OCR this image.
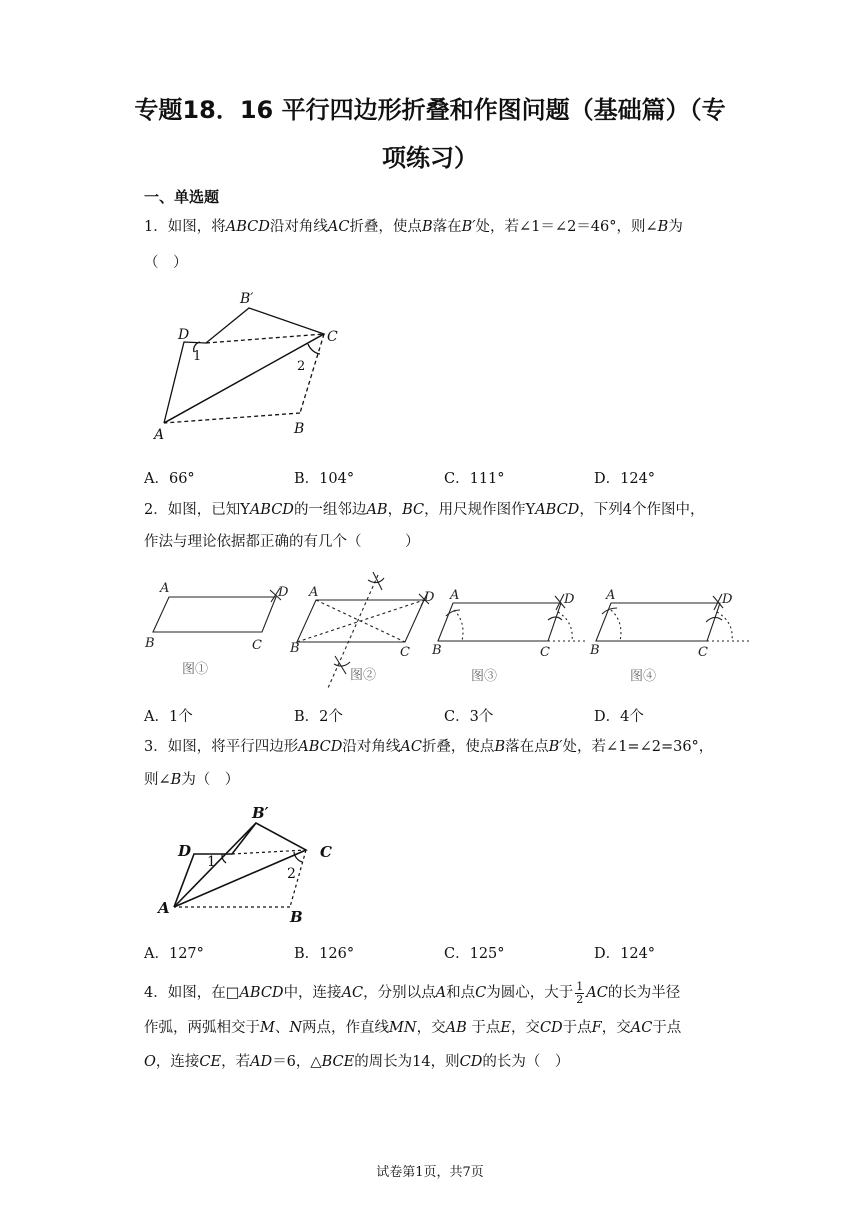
专题18．16 平行四边形折叠和作图问题（基础篇）（专
项练习）
一、单选题
1．如图，将ABCD沿对角线AC折叠，使点B落在B′处，若∠1＝∠2＝46°，则∠B为
（　）
D
B′
C
A	B
1
2
A．66°	B．104°	C．111°	D．124°
2．如图，已知YABCD的一组邻边AB，BC，用尺规作图作YABCD，下列4个作图中，
作法与理论依据都正确的有几个（　　　）
A	D
B	C
A	D
B	C
A	D
B	C
A	D
B	C
图①	图②	图③	图④
A．1个	B．2个	C．3个	D．4个
3．如图，将平行四边形ABCD沿对角线AC折叠，使点B落在点B′处，若∠1=∠2=36°，
则∠B为（　）
D
B′
C
A	B
1
2
A．127°	B．126°	C．125°	D．124°
4．如图，在□ABCD中，连接AC，分别以点A和点C为圆心，大于 $\frac{1}{2}$ AC的长为半径
作弧，两弧相交于M、N两点，作直线MN，交AB 于点E，交CD于点F，交AC于点
O，连接CE，若AD＝6，△BCE的周长为14，则CD的长为（　）
试卷第1页，共7页
